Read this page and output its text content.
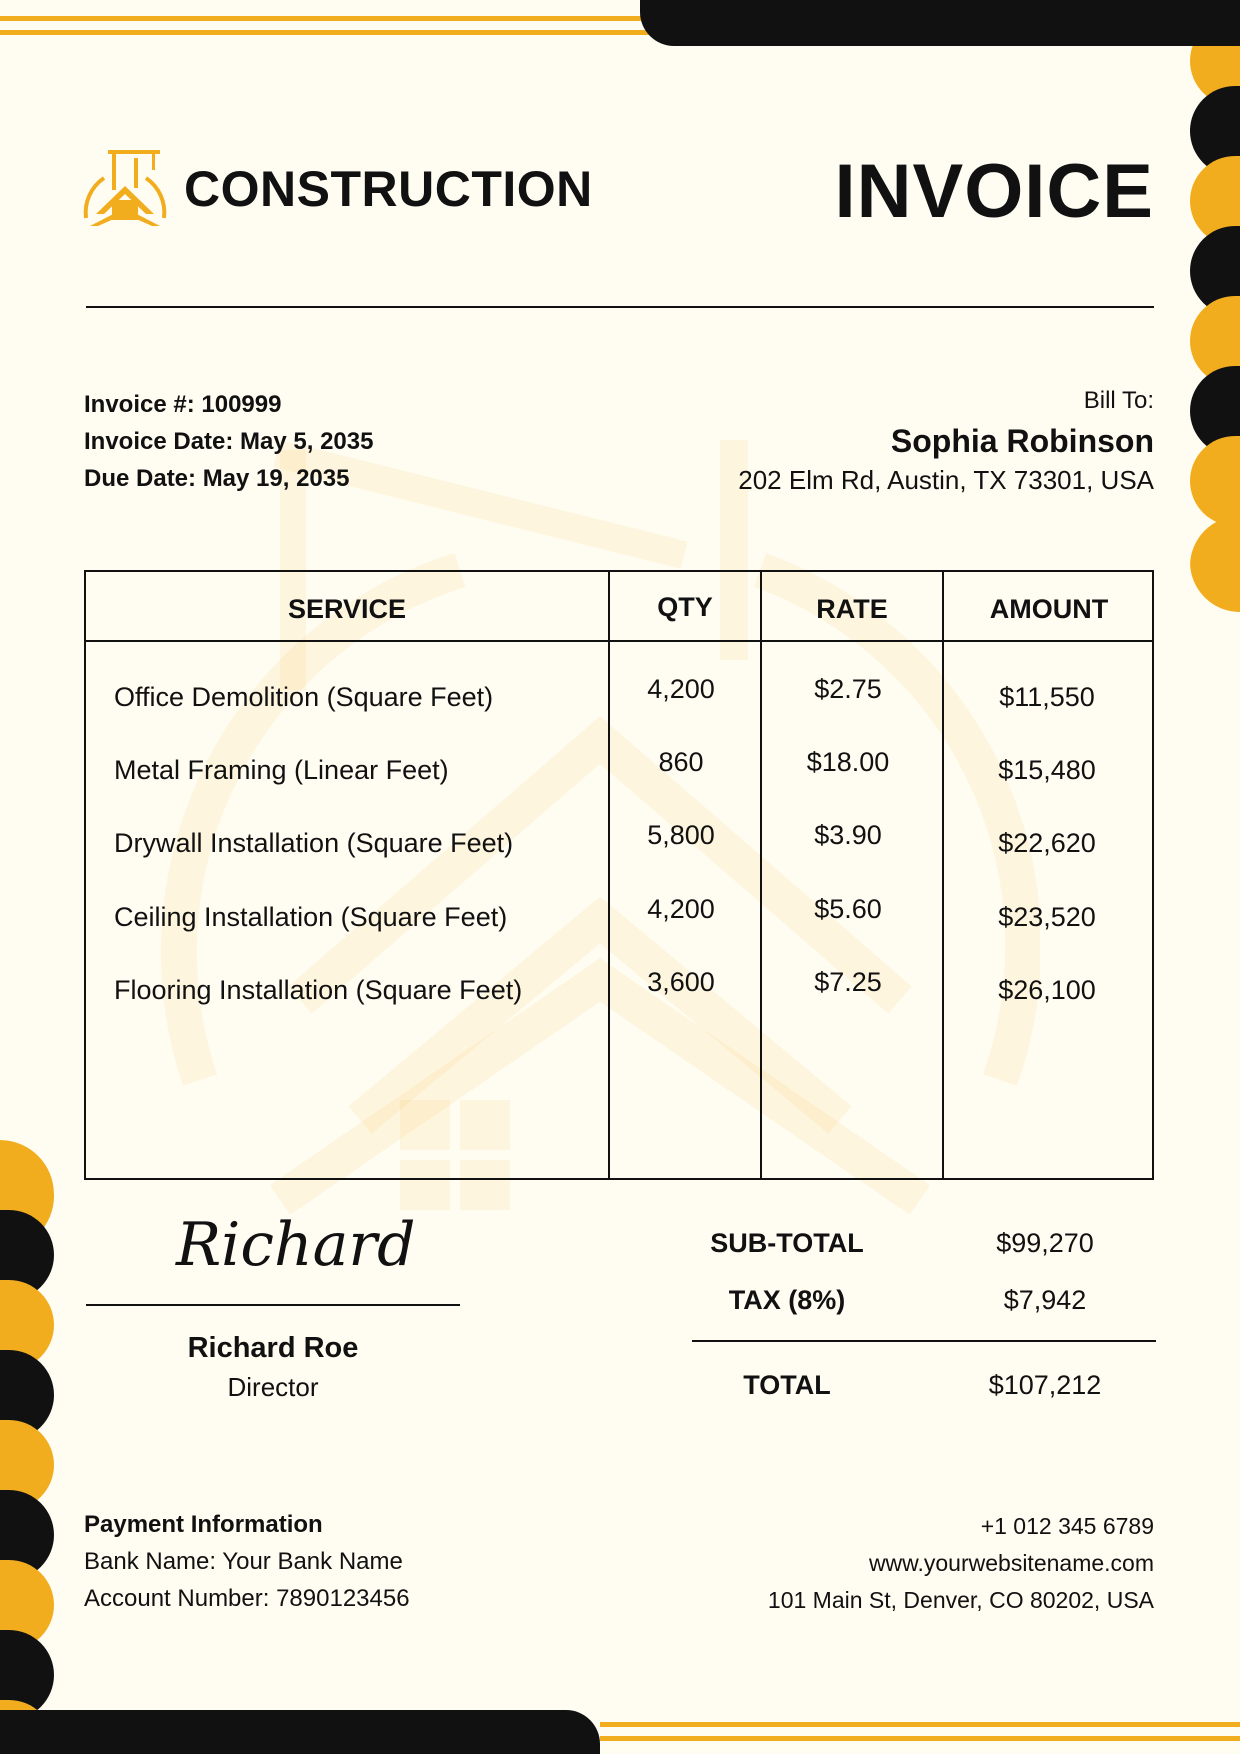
CONSTRUCTION	INVOICE
Invoice #: 100999
Invoice Date: May 5, 2035
Due Date: May 19, 2035
Bill To:
Sophia Robinson
202 Elm Rd, Austin, TX 73301, USA
SERVICE	QTY	RATE	AMOUNT
Office Demolition (Square Feet)	4,200	$2.75	$11,550
Metal Framing (Linear Feet)	860	$18.00	$15,480
Drywall Installation (Square Feet)	5,800	$3.90	$22,620
Ceiling Installation (Square Feet)	4,200	$5.60	$23,520
Flooring Installation (Square Feet)	3,600	$7.25	$26,100
Richard
Richard Roe
Director
SUB-TOTAL	$99,270
TAX (8%)	$7,942
TOTAL	$107,212
Payment Information
Bank Name: Your Bank Name
Account Number: 7890123456
+1 012 345 6789
www.yourwebsitename.com
101 Main St, Denver, CO 80202, USA
